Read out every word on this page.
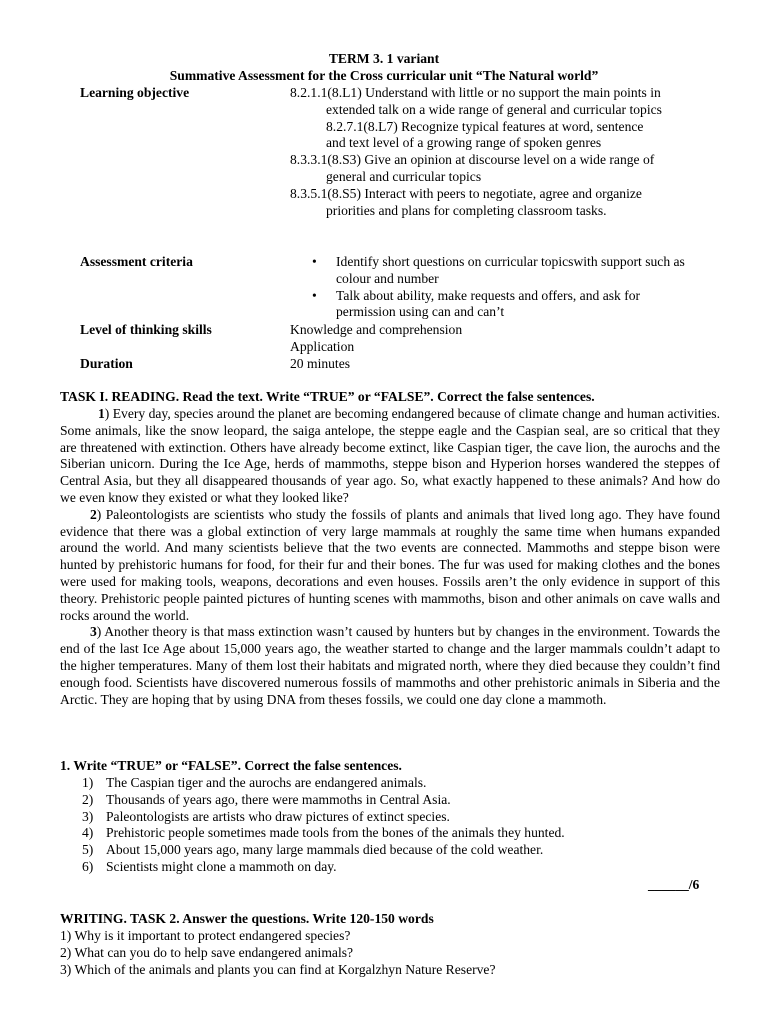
TERM 3. 1 variant
Summative Assessment for the Cross curricular unit “The Natural world”
Learning objective	8.2.1.1(8.L1) Understand with little or no support the main points in extended talk on a wide range of general and curricular topics 8.2.7.1(8.L7) Recognize typical features at word, sentence and text level of a growing range of spoken genres

8.3.3.1(8.S3) Give an opinion at discourse level on a wide range of general and curricular topics

8.3.5.1(8.S5) Interact with peers to negotiate, agree and organize priorities and plans for completing classroom tasks.

Assessment criteria	• Identify short questions on curricular topicswith support such as colour and number
• Talk about ability, make requests and offers, and ask for permission using can and can’t
Level of thinking skills	Knowledge and comprehension
Application
Duration	20 minutes
TASK I. READING. Read the text. Write “TRUE” or “FALSE”. Correct the false sentences.

1) Every day, species around the planet are becoming endangered because of climate change and human activities. Some animals, like the snow leopard, the saiga antelope, the steppe eagle and the Caspian seal, are so critical that they are threatened with extinction. Others have already become extinct, like Caspian tiger, the cave lion, the aurochs and the Siberian unicorn. During the Ice Age, herds of mammoths, steppe bison and Hyperion horses wandered the steppes of Central Asia, but they all disappeared thousands of year ago. So, what exactly happened to these animals? And how do we even know they existed or what they looked like?

2) Paleontologists are scientists who study the fossils of plants and animals that lived long ago. They have found evidence that there was a global extinction of very large mammals at roughly the same time when humans expanded around the world. And many scientists believe that the two events are connected. Mammoths and steppe bison were hunted by prehistoric humans for food, for their fur and their bones. The fur was used for making clothes and the bones were used for making tools, weapons, decorations and even houses. Fossils aren’t the only evidence in support of this theory. Prehistoric people painted pictures of hunting scenes with mammoths, bison and other animals on cave walls and rocks around the world.

3) Another theory is that mass extinction wasn’t caused by hunters but by changes in the environment. Towards the end of the last Ice Age about 15,000 years ago, the weather started to change and the larger mammals couldn’t adapt to the higher temperatures. Many of them lost their habitats and migrated north, where they died because they couldn’t find enough food. Scientists have discovered numerous fossils of mammoths and other prehistoric animals in Siberia and the Arctic. They are hoping that by using DNA from theses fossils, we could one day clone a mammoth.

1. Write “TRUE” or “FALSE”. Correct the false sentences.
1) The Caspian tiger and the aurochs are endangered animals.
2) Thousands of years ago, there were mammoths in Central Asia.
3) Paleontologists are artists who draw pictures of extinct species.
4) Prehistoric people sometimes made tools from the bones of the animals they hunted.
5) About 15,000 years ago, many large mammals died because of the cold weather.
6) Scientists might clone a mammoth on day.
______/6
WRITING. TASK 2. Answer the questions. Write 120-150 words
1) Why is it important to protect endangered species?
2) What can you do to help save endangered animals?
3) Which of the animals and plants you can find at Korgalzhyn Nature Reserve?
